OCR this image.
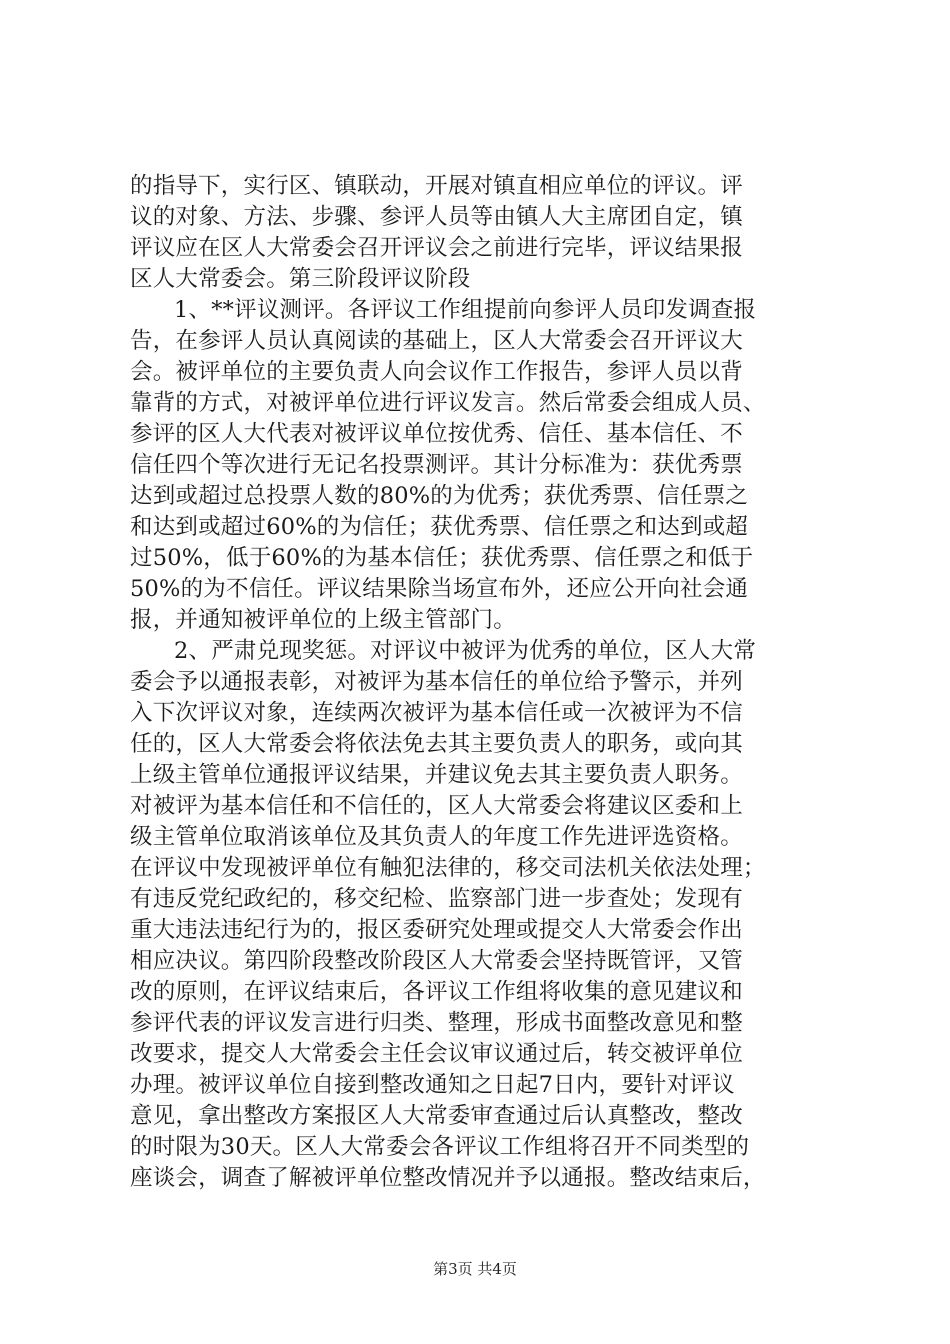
的指导下，实行区、镇联动，开展对镇直相应单位的评议。评
议的对象、方法、步骤、参评人员等由镇人大主席团自定，镇
评议应在区人大常委会召开评议会之前进行完毕，评议结果报
区人大常委会。第三阶段评议阶段
1、**评议测评。各评议工作组提前向参评人员印发调查报
告，在参评人员认真阅读的基础上，区人大常委会召开评议大
会。被评单位的主要负责人向会议作工作报告，参评人员以背
靠背的方式，对被评单位进行评议发言。然后常委会组成人员、
参评的区人大代表对被评议单位按优秀、信任、基本信任、不
信任四个等次进行无记名投票测评。其计分标准为：获优秀票
达到或超过总投票人数的80%的为优秀；获优秀票、信任票之
和达到或超过60%的为信任；获优秀票、信任票之和达到或超
过50%，低于60%的为基本信任；获优秀票、信任票之和低于
50%的为不信任。评议结果除当场宣布外，还应公开向社会通
报，并通知被评单位的上级主管部门。
2、严肃兑现奖惩。对评议中被评为优秀的单位，区人大常
委会予以通报表彰，对被评为基本信任的单位给予警示，并列
入下次评议对象，连续两次被评为基本信任或一次被评为不信
任的，区人大常委会将依法免去其主要负责人的职务，或向其
上级主管单位通报评议结果，并建议免去其主要负责人职务。
对被评为基本信任和不信任的，区人大常委会将建议区委和上
级主管单位取消该单位及其负责人的年度工作先进评选资格。
在评议中发现被评单位有触犯法律的，移交司法机关依法处理；
有违反党纪政纪的，移交纪检、监察部门进一步查处；发现有
重大违法违纪行为的，报区委研究处理或提交人大常委会作出
相应决议。第四阶段整改阶段区人大常委会坚持既管评，又管
改的原则，在评议结束后，各评议工作组将收集的意见建议和
参评代表的评议发言进行归类、整理，形成书面整改意见和整
改要求，提交人大常委会主任会议审议通过后，转交被评单位
办理。被评议单位自接到整改通知之日起7日内，要针对评议
意见，拿出整改方案报区人大常委审查通过后认真整改，整改
的时限为30天。区人大常委会各评议工作组将召开不同类型的
座谈会，调查了解被评单位整改情况并予以通报。整改结束后，
第3页 共4页
